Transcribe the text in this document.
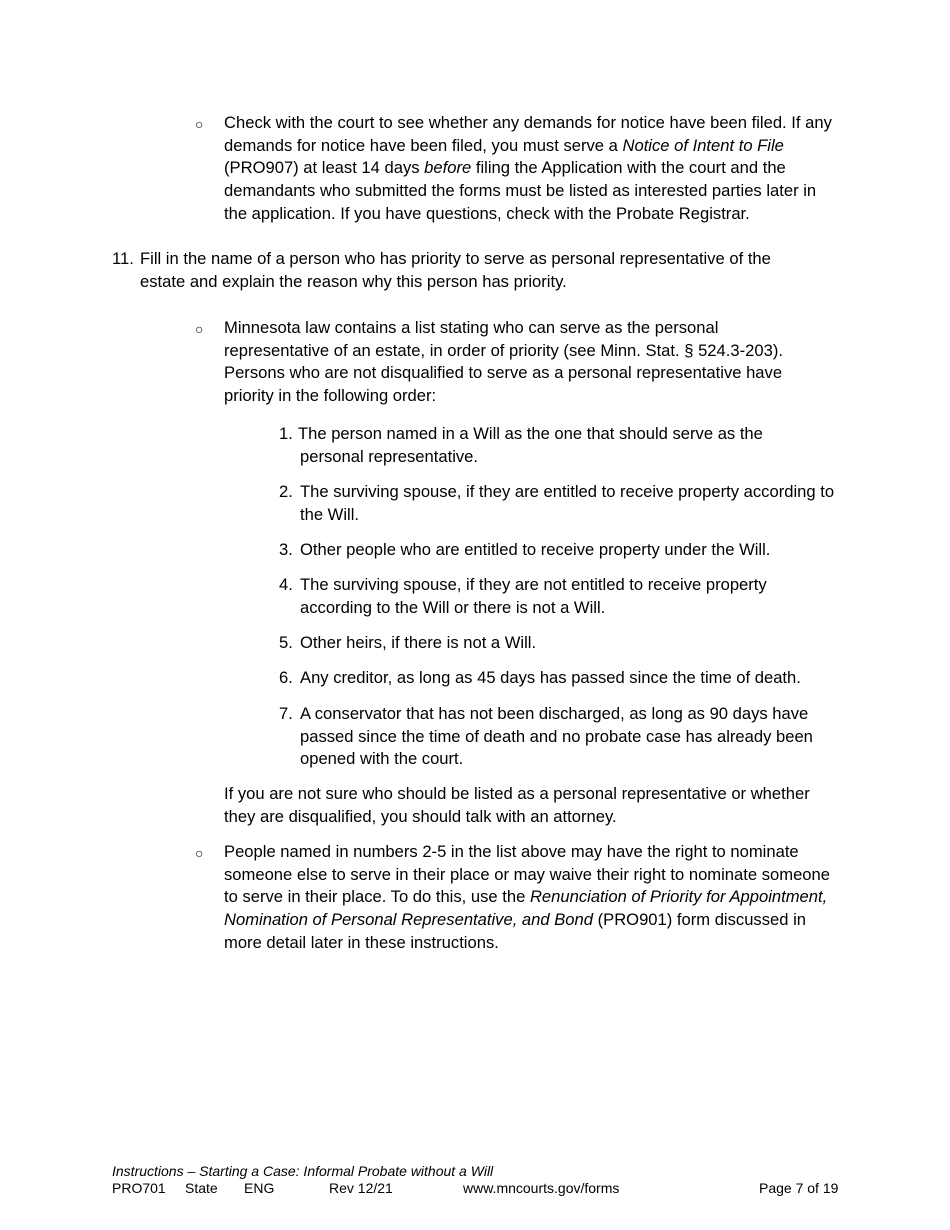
○ Check with the court to see whether any demands for notice have been filed. If any demands for notice have been filed, you must serve a Notice of Intent to File (PRO907) at least 14 days before filing the Application with the court and the demandants who submitted the forms must be listed as interested parties later in the application. If you have questions, check with the Probate Registrar.
11. Fill in the name of a person who has priority to serve as personal representative of the estate and explain the reason why this person has priority.
○ Minnesota law contains a list stating who can serve as the personal representative of an estate, in order of priority (see Minn. Stat. § 524.3-203). Persons who are not disqualified to serve as a personal representative have priority in the following order:
1. The person named in a Will as the one that should serve as the personal representative.
2. The surviving spouse, if they are entitled to receive property according to the Will.
3. Other people who are entitled to receive property under the Will.
4. The surviving spouse, if they are not entitled to receive property according to the Will or there is not a Will.
5. Other heirs, if there is not a Will.
6. Any creditor, as long as 45 days has passed since the time of death.
7. A conservator that has not been discharged, as long as 90 days have passed since the time of death and no probate case has already been opened with the court.
If you are not sure who should be listed as a personal representative or whether they are disqualified, you should talk with an attorney.
○ People named in numbers 2-5 in the list above may have the right to nominate someone else to serve in their place or may waive their right to nominate someone to serve in their place. To do this, use the Renunciation of Priority for Appointment, Nomination of Personal Representative, and Bond (PRO901) form discussed in more detail later in these instructions.
Instructions – Starting a Case: Informal Probate without a Will
PRO701 State ENG	Rev 12/21	www.mncourts.gov/forms	Page 7 of 19
